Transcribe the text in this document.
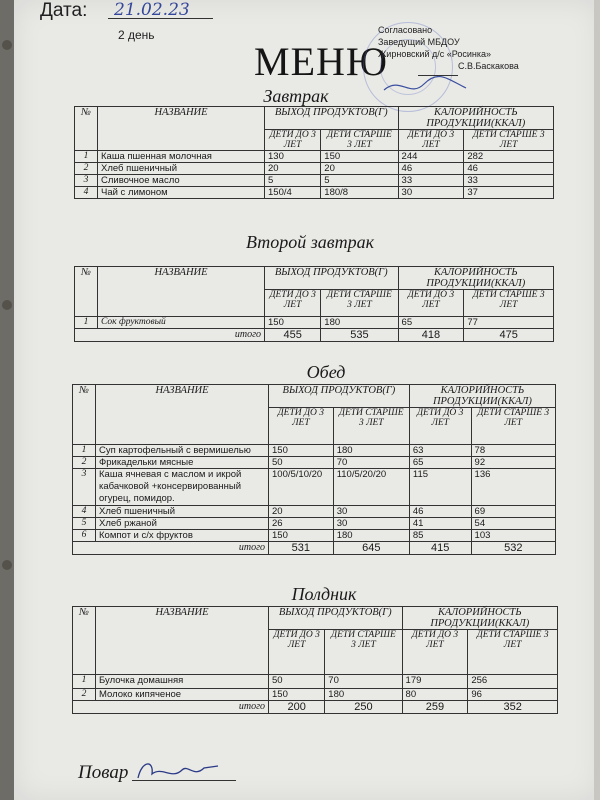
Дата: 21.02.23
2 день
МЕНЮ
Согласовано
Заведущий МБДОУ
Жирновский д/с «Росинка»
С.В.Баскакова
Завтрак
№	НАЗВАНИЕ	ВЫХОД ПРОДУКТОВ(Г)		КАЛОРИЙНОСТЬ ПРОДУКЦИИ(ККАЛ)	
		ДЕТИ ДО 3 ЛЕТ	ДЕТИ СТАРШЕ 3 ЛЕТ	ДЕТИ ДО 3 ЛЕТ	ДЕТИ СТАРШЕ 3 ЛЕТ
1	Каша пшенная молочная	130	150	244	282
2	Хлеб пшеничный	20	20	46	46
3	Сливочное масло	5	5	33	33
4	Чай с лимоном	150/4	180/8	30	37
Второй завтрак
№	НАЗВАНИЕ	ВЫХОД ПРОДУКТОВ(Г)		КАЛОРИЙНОСТЬ ПРОДУКЦИИ(ККАЛ)	
		ДЕТИ ДО 3 ЛЕТ	ДЕТИ СТАРШЕ 3 ЛЕТ	ДЕТИ ДО 3 ЛЕТ	ДЕТИ СТАРШЕ 3 ЛЕТ
1	Сок фруктовый	150	180	65	77
итого		455	535	418	475
Обед
№	НАЗВАНИЕ	ВЫХОД ПРОДУКТОВ(Г)		КАЛОРИЙНОСТЬ ПРОДУКЦИИ(ККАЛ)	
		ДЕТИ ДО 3 ЛЕТ	ДЕТИ СТАРШЕ 3 ЛЕТ	ДЕТИ ДО 3 ЛЕТ	ДЕТИ СТАРШЕ 3 ЛЕТ
1	Суп картофельный с вермишелью	150	180	63	78
2	Фрикадельки мясные	50	70	65	92
3	Каша ячневая с маслом и икрой кабачковой +консервированный огурец, помидор.	100/5/10/20	110/5/20/20	115	136
4	Хлеб пшеничный	20	30	46	69
5	Хлеб ржаной	26	30	41	54
6	Компот и с/х фруктов	150	180	85	103
итого		531	645	415	532
Полдник
№	НАЗВАНИЕ	ВЫХОД ПРОДУКТОВ(Г)		КАЛОРИЙНОСТЬ ПРОДУКЦИИ(ККАЛ)	
		ДЕТИ ДО 3 ЛЕТ	ДЕТИ СТАРШЕ 3 ЛЕТ	ДЕТИ ДО 3 ЛЕТ	ДЕТИ СТАРШЕ 3 ЛЕТ
1	Булочка домашняя	50	70	179	256
2	Молоко кипяченое	150	180	80	96
итого		200	250	259	352
Повар
